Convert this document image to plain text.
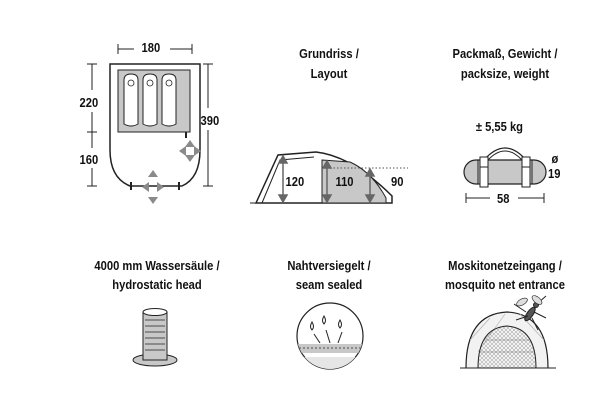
180
220
390
160
Grundriss /
Layout
120 110	90
Packmaß, Gewicht /
packsize, weight
± 5,55 kg
ø
19
58
4000 mm Wassersäule /
hydrostatic head
Nahtversiegelt /
seam sealed
Moskitonetzeingang /
mosquito net entrance
